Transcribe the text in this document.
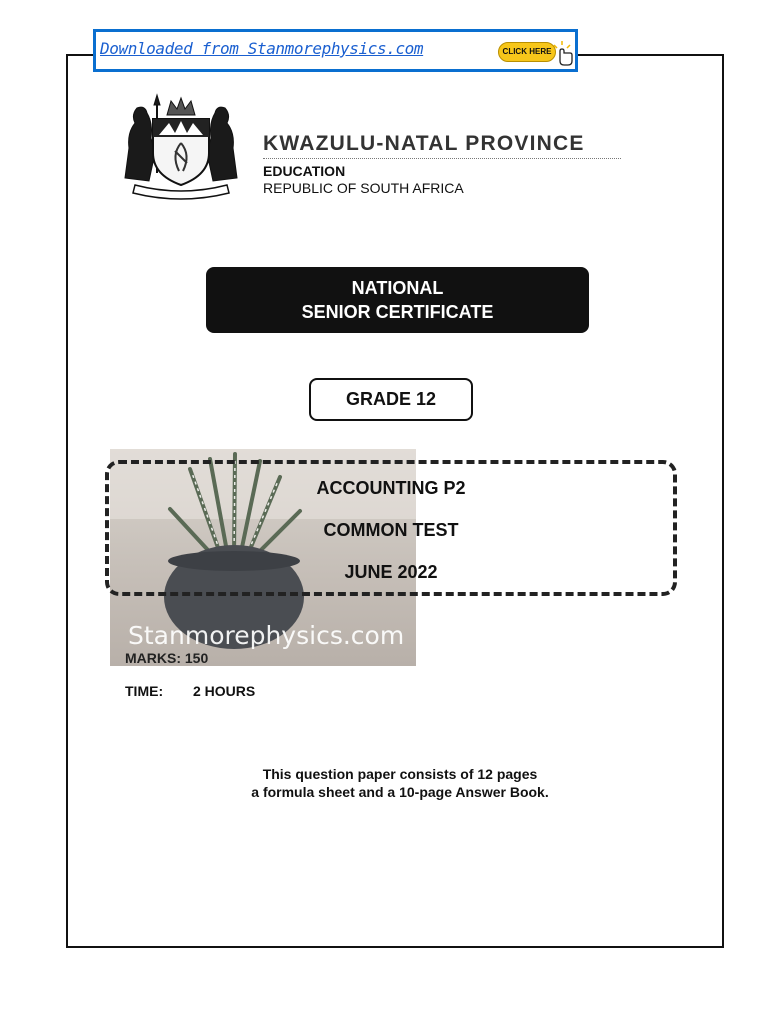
Downloaded from Stanmorephysics.com	CLICK HERE
KWAZULU-NATAL PROVINCE
EDUCATION
REPUBLIC OF SOUTH AFRICA
NATIONAL
SENIOR CERTIFICATE
GRADE 12
Stanmorephysics.com
ACCOUNTING P2
COMMON TEST
JUNE 2022
MARKS: 150
TIME: 2 HOURS
This question paper consists of 12 pages
a formula sheet and a 10-page Answer Book.
